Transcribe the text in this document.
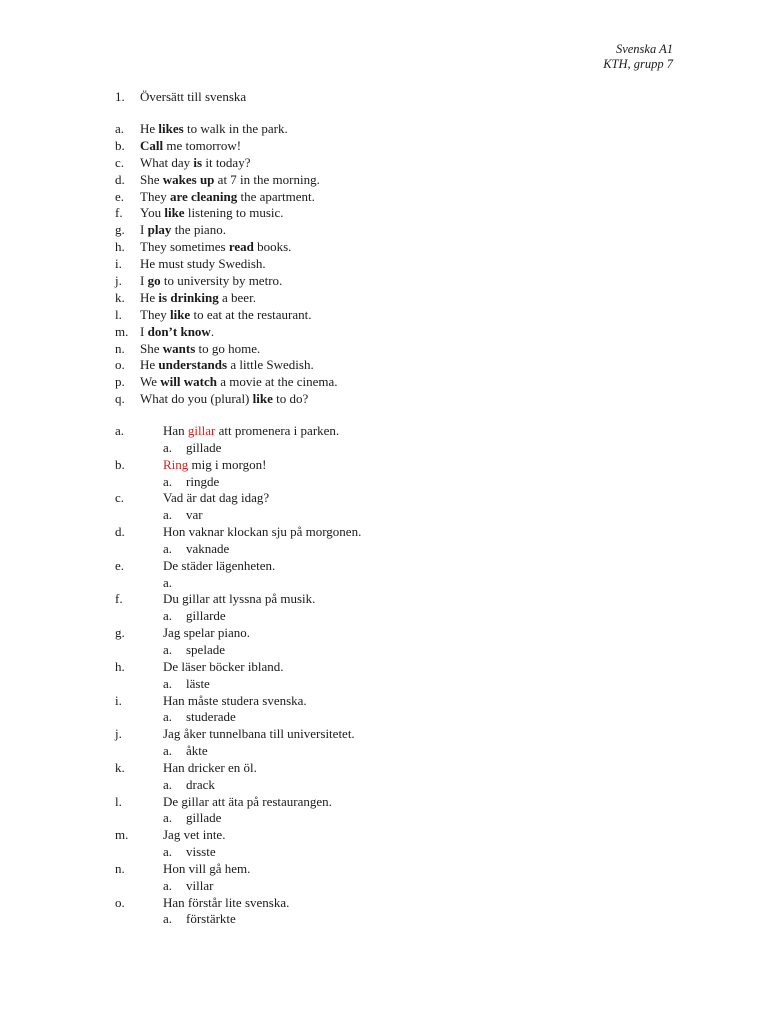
Svenska A1
KTH, grupp 7
1. Översätt till svenska
a. He likes to walk in the park.
b. Call me tomorrow!
c. What day is it today?
d. She wakes up at 7 in the morning.
e. They are cleaning the apartment.
f. You like listening to music.
g. I play the piano.
h. They sometimes read books.
i. He must study Swedish.
j. I go to university by metro.
k. He is drinking a beer.
l. They like to eat at the restaurant.
m. I don’t know.
n. She wants to go home.
o. He understands a little Swedish.
p. We will watch a movie at the cinema.
q. What do you (plural) like to do?
a.	Han gillar att promenera i parken.
a. gillade
b.	Ring mig i morgon!
a. ringde
c.	Vad är dat dag idag?
a. var
d.	Hon vaknar klockan sju på morgonen.
a. vaknade
e.	De städer lägenheten.
a.
f.	Du gillar att lyssna på musik.
a. gillarde
g.	Jag spelar piano.
a. spelade
h.	De läser böcker ibland.
a. läste
i.	Han måste studera svenska.
a. studerade
j.	Jag åker tunnelbana till universitetet.
a. åkte
k.	Han dricker en öl.
a. drack
l.	De gillar att äta på restaurangen.
a. gillade
m.	Jag vet inte.
a. visste
n.	Hon vill gå hem.
a. villar
o.	Han förstår lite svenska.
a. förstärkte
